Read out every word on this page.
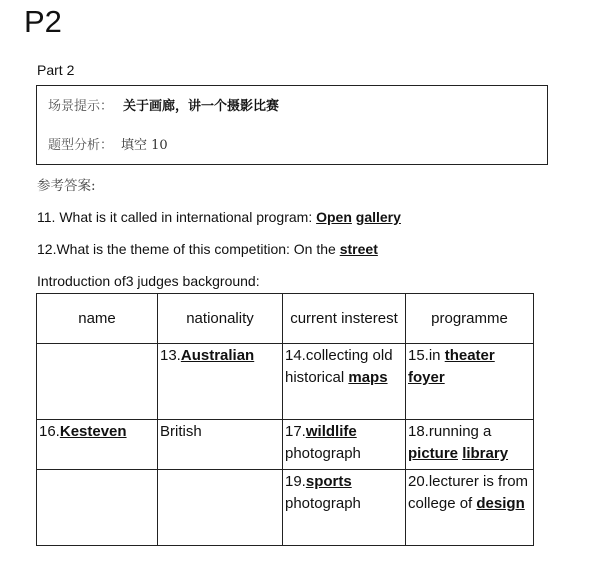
P2
Part 2
场景提示： 关于画廊，讲一个摄影比赛
题型分析： 填空 10
参考答案:
11. What is it called in international program: Open gallery
12.What is the theme of this competition: On the street
Introduction of3 judges background:
name	nationality	current insterest	programme
	13.Australian	14.collecting old historical maps	15.in theater foyer
16.Kesteven	British	17.wildlife photograph	18.running a picture library
		19.sports photograph	20.lecturer is from college of design
